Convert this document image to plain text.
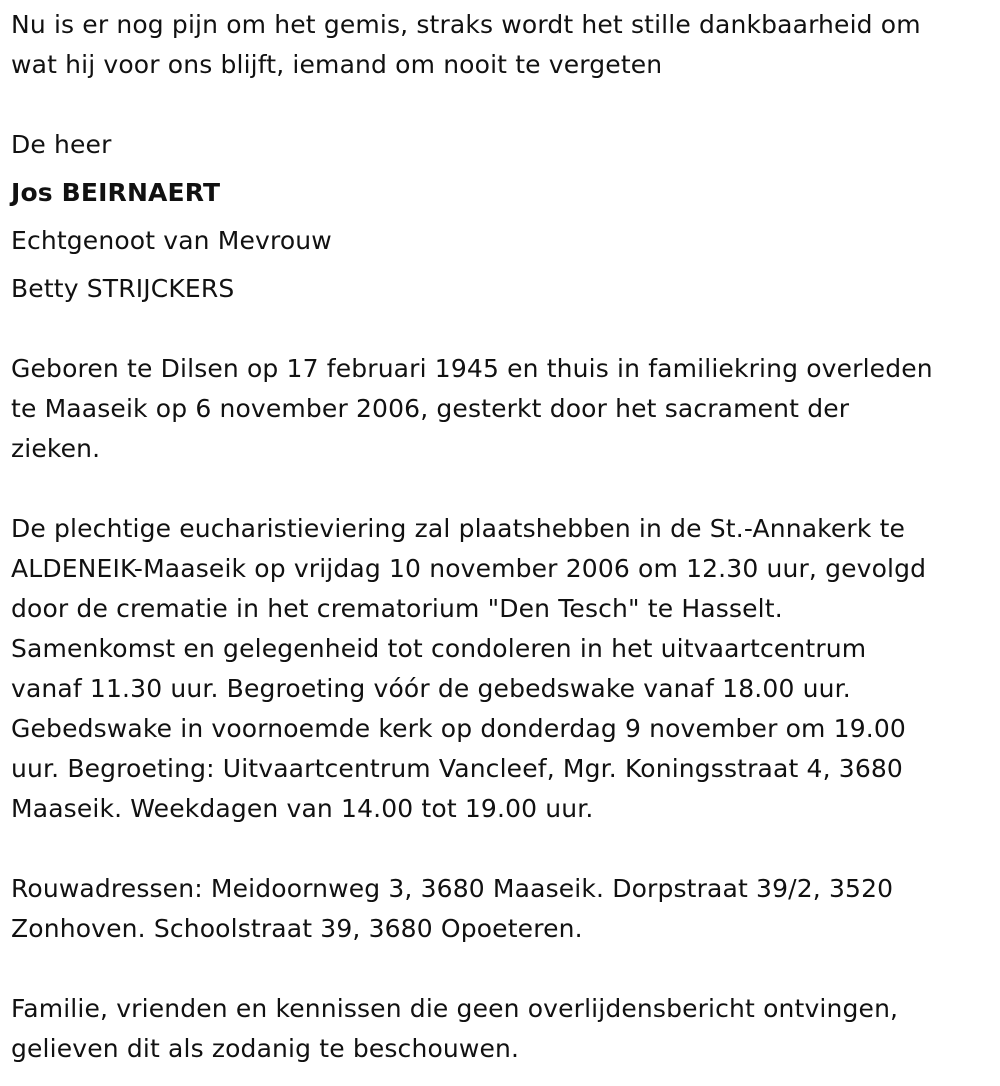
Nu is er nog pijn om het gemis, straks wordt het stille dankbaarheid om
wat hij voor ons blijft, iemand om nooit te vergeten
De heer
Jos BEIRNAERT
Echtgenoot van Mevrouw
Betty STRIJCKERS
Geboren te Dilsen op 17 februari 1945 en thuis in familiekring overleden
te Maaseik op 6 november 2006, gesterkt door het sacrament der
zieken.
De plechtige eucharistieviering zal plaatshebben in de St.-Annakerk te
ALDENEIK-Maaseik op vrijdag 10 november 2006 om 12.30 uur, gevolgd
door de crematie in het crematorium "Den Tesch" te Hasselt.
Samenkomst en gelegenheid tot condoleren in het uitvaartcentrum
vanaf 11.30 uur. Begroeting vóór de gebedswake vanaf 18.00 uur.
Gebedswake in voornoemde kerk op donderdag 9 november om 19.00
uur. Begroeting: Uitvaartcentrum Vancleef, Mgr. Koningsstraat 4, 3680
Maaseik. Weekdagen van 14.00 tot 19.00 uur.
Rouwadressen: Meidoornweg 3, 3680 Maaseik. Dorpstraat 39/2, 3520
Zonhoven. Schoolstraat 39, 3680 Opoeteren.
Familie, vrienden en kennissen die geen overlijdensbericht ontvingen,
gelieven dit als zodanig te beschouwen.
